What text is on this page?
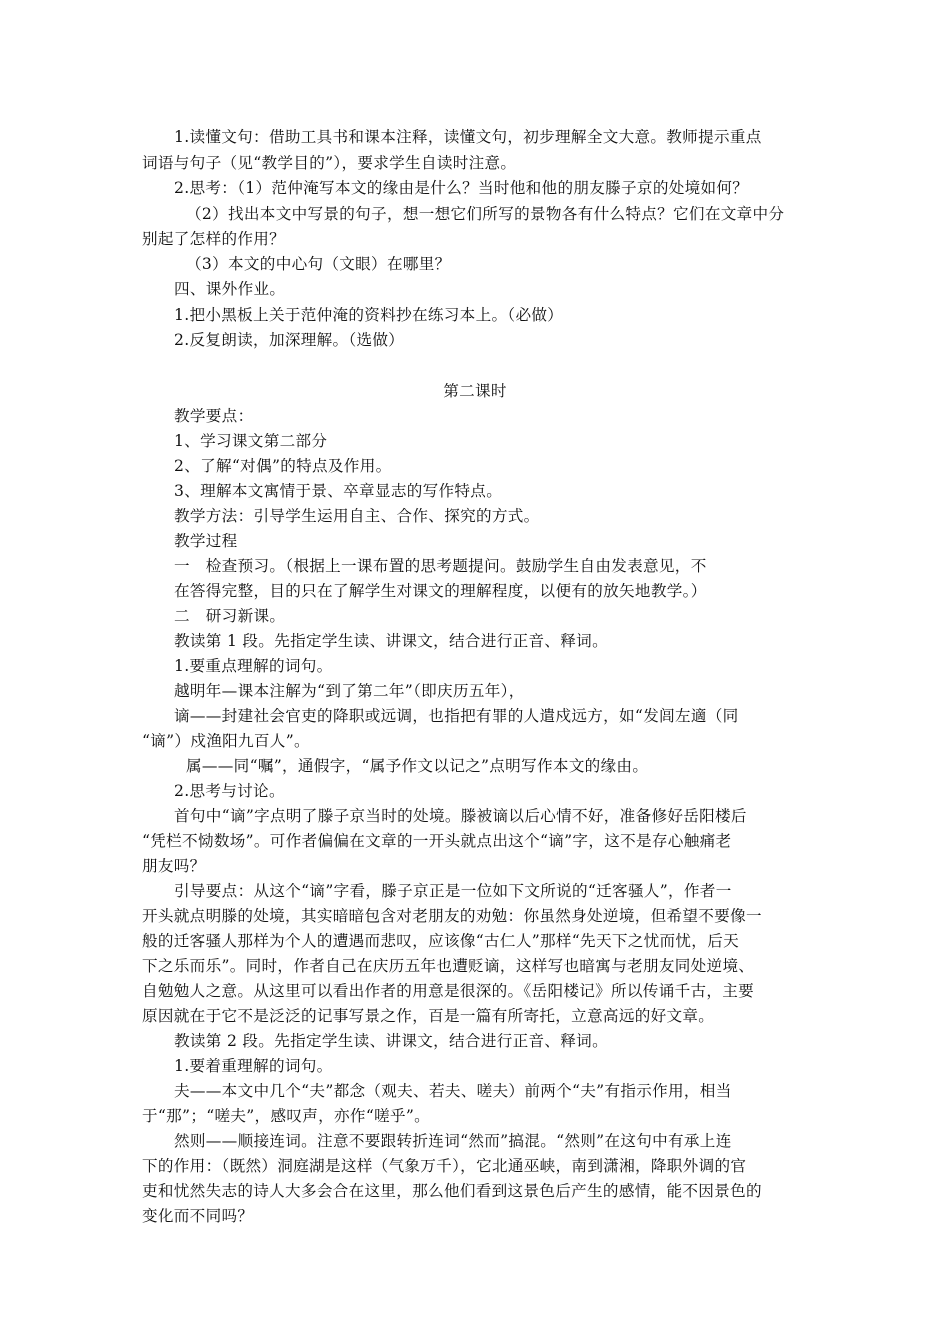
1.读懂文句：借助工具书和课本注释，读懂文句，初步理解全文大意。教师提示重点
词语与句子（见“教学目的”），要求学生自读时注意。
2.思考：（1）范仲淹写本文的缘由是什么？当时他和他的朋友滕子京的处境如何？
（2）找出本文中写景的句子，想一想它们所写的景物各有什么特点？它们在文章中分
别起了怎样的作用？
（3）本文的中心句（文眼）在哪里？
四、课外作业。
1.把小黑板上关于范仲淹的资料抄在练习本上。（必做）
2.反复朗读，加深理解。（选做）
第二课时
教学要点：
1、学习课文第二部分
2、了解“对偶”的特点及作用。
3、理解本文寓情于景、卒章显志的写作特点。
教学方法：引导学生运用自主、合作、探究的方式。
教学过程
一　检查预习。（根据上一课布置的思考题提问。鼓励学生自由发表意见，不
在答得完整，目的只在了解学生对课文的理解程度，以便有的放矢地教学。）
二　研习新课。
教读第 1 段。先指定学生读、讲课文，结合进行正音、释词。
1.要重点理解的词句。
越明年—课本注解为“到了第二年”（即庆历五年），
谪——封建社会官吏的降职或远调，也指把有罪的人遣戍远方，如“发闾左適（同
“谪”）戍渔阳九百人”。
属——同“嘱”，通假字，“属予作文以记之”点明写作本文的缘由。
2.思考与讨论。
首句中“谪”字点明了滕子京当时的处境。滕被谪以后心情不好，准备修好岳阳楼后
“凭栏不恸数场”。可作者偏偏在文章的一开头就点出这个“谪”字，这不是存心触痛老
朋友吗？
引导要点：从这个“谪”字看，滕子京正是一位如下文所说的“迁客骚人”，作者一
开头就点明滕的处境，其实暗暗包含对老朋友的劝勉：你虽然身处逆境，但希望不要像一
般的迁客骚人那样为个人的遭遇而悲叹，应该像“古仁人”那样“先天下之忧而忧，后天
下之乐而乐”。同时，作者自己在庆历五年也遭贬谪，这样写也暗寓与老朋友同处逆境、
自勉勉人之意。从这里可以看出作者的用意是很深的。《岳阳楼记》所以传诵千古，主要
原因就在于它不是泛泛的记事写景之作，百是一篇有所寄托，立意高远的好文章。
教读第 2 段。先指定学生读、讲课文，结合进行正音、释词。
1.要着重理解的词句。
夫——本文中几个“夫”都念（观夫、若夫、嗟夫）前两个“夫”有指示作用，相当
于“那”；“嗟夫”，感叹声，亦作“嗟乎”。
然则——顺接连词。注意不要跟转折连词“然而”搞混。“然则”在这句中有承上连
下的作用：（既然）洞庭湖是这样（气象万千），它北通巫峡，南到潇湘，降职外调的官
吏和忧然失志的诗人大多会合在这里，那么他们看到这景色后产生的感情，能不因景色的
变化而不同吗？
